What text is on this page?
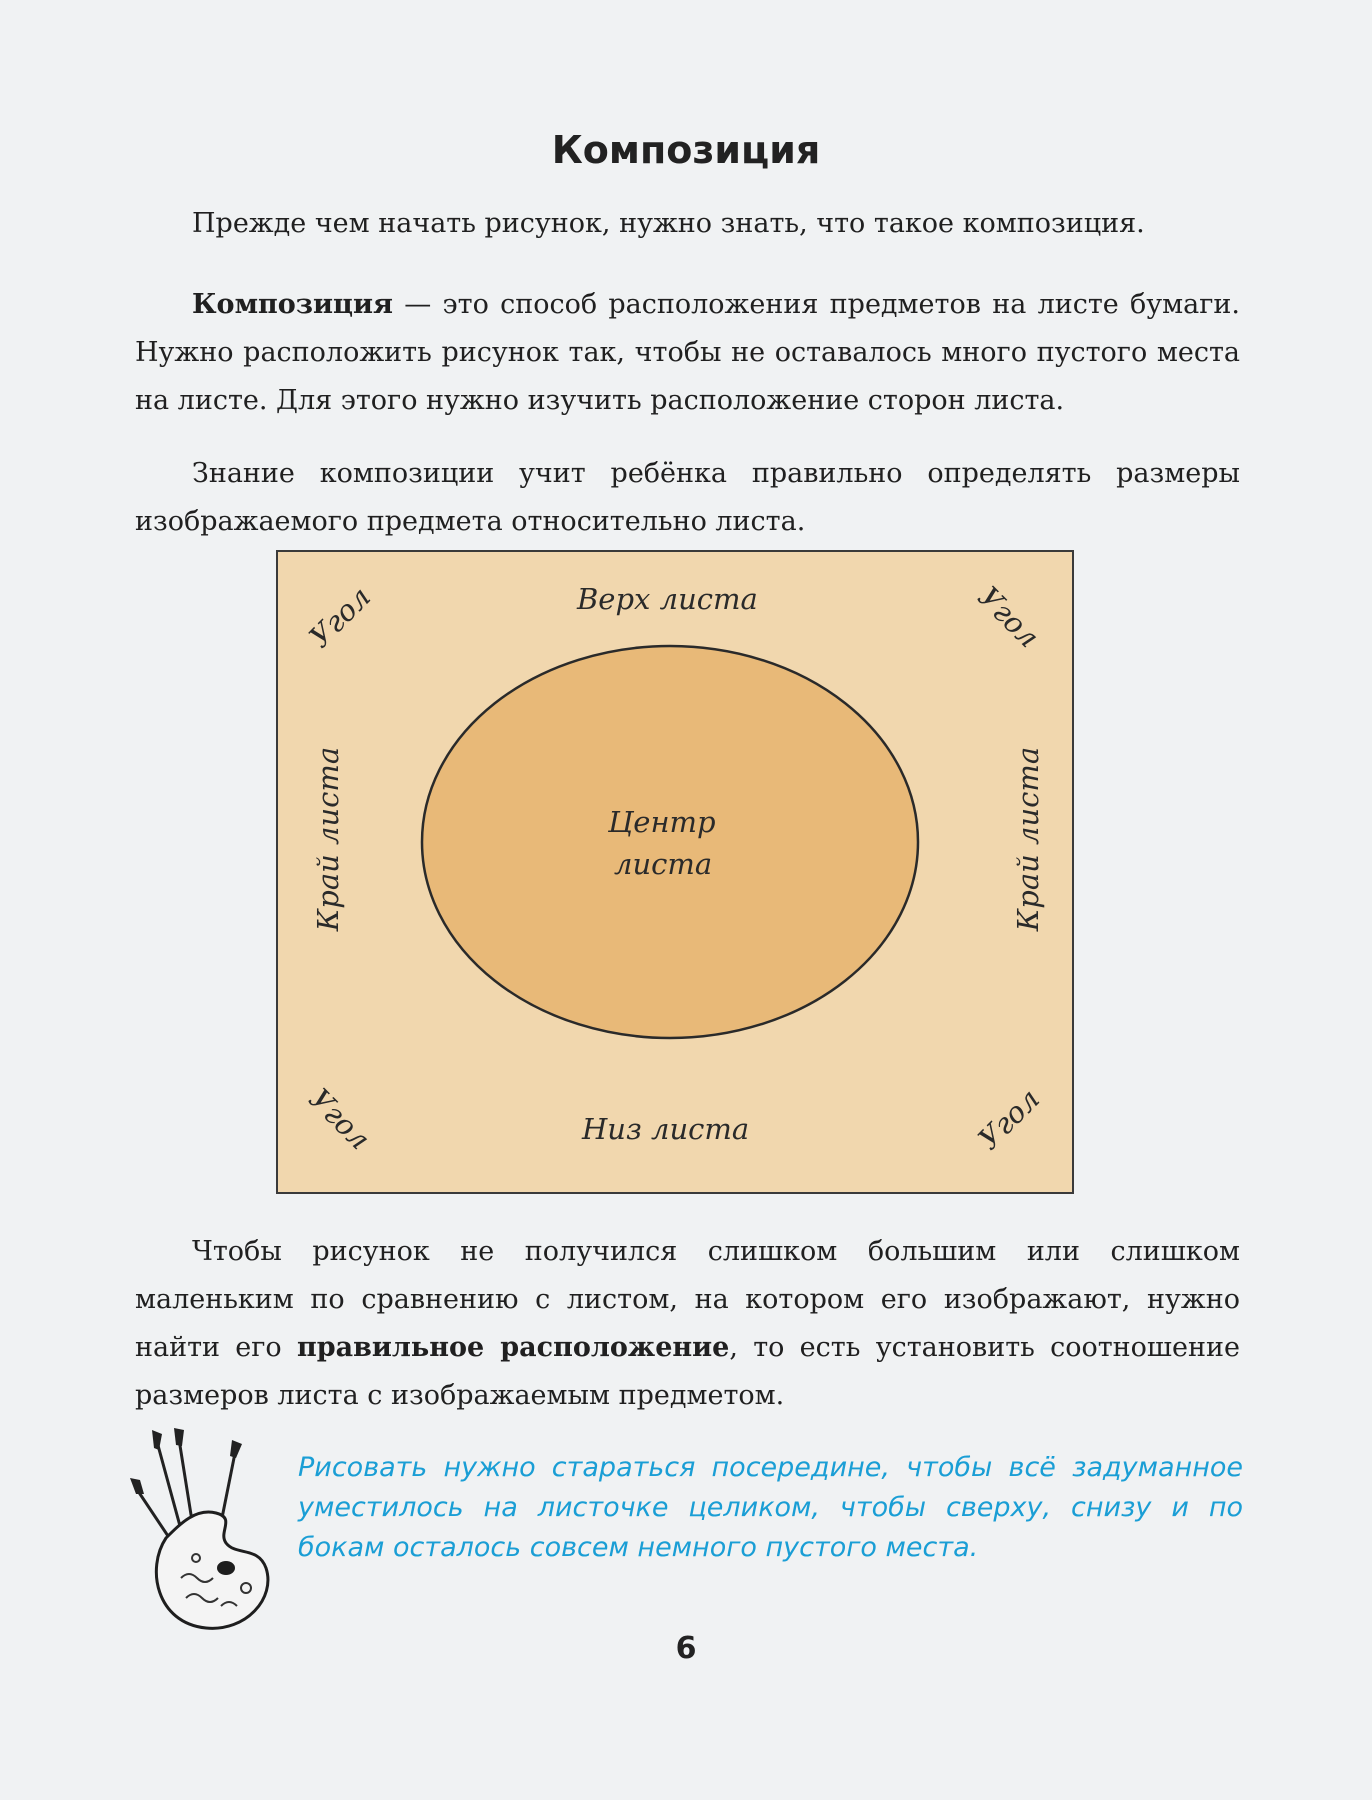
Композиция

Прежде чем начать рисунок, нужно знать, что такое композиция.

Композиция — это способ расположения предметов на листе бумаги. Нужно расположить рисунок так, чтобы не оставалось много пустого места на листе. Для этого нужно изучить расположение сторон листа.

Знание композиции учит ребёнка правильно определять размеры изображаемого предмета относительно листа.

Верх листа
Низ листа
Край листа	Край листа
Центр
листа
Угол	Угол
Угол	Угол

Чтобы рисунок не получился слишком большим или слишком маленьким по сравнению с листом, на котором его изображают, нужно найти его правильное расположение, то есть установить соотношение размеров листа с изображаемым предметом.

Рисовать нужно стараться посередине, чтобы всё задуманное уместилось на листочке целиком, чтобы сверху, снизу и по бокам осталось совсем немного пустого места.

6
